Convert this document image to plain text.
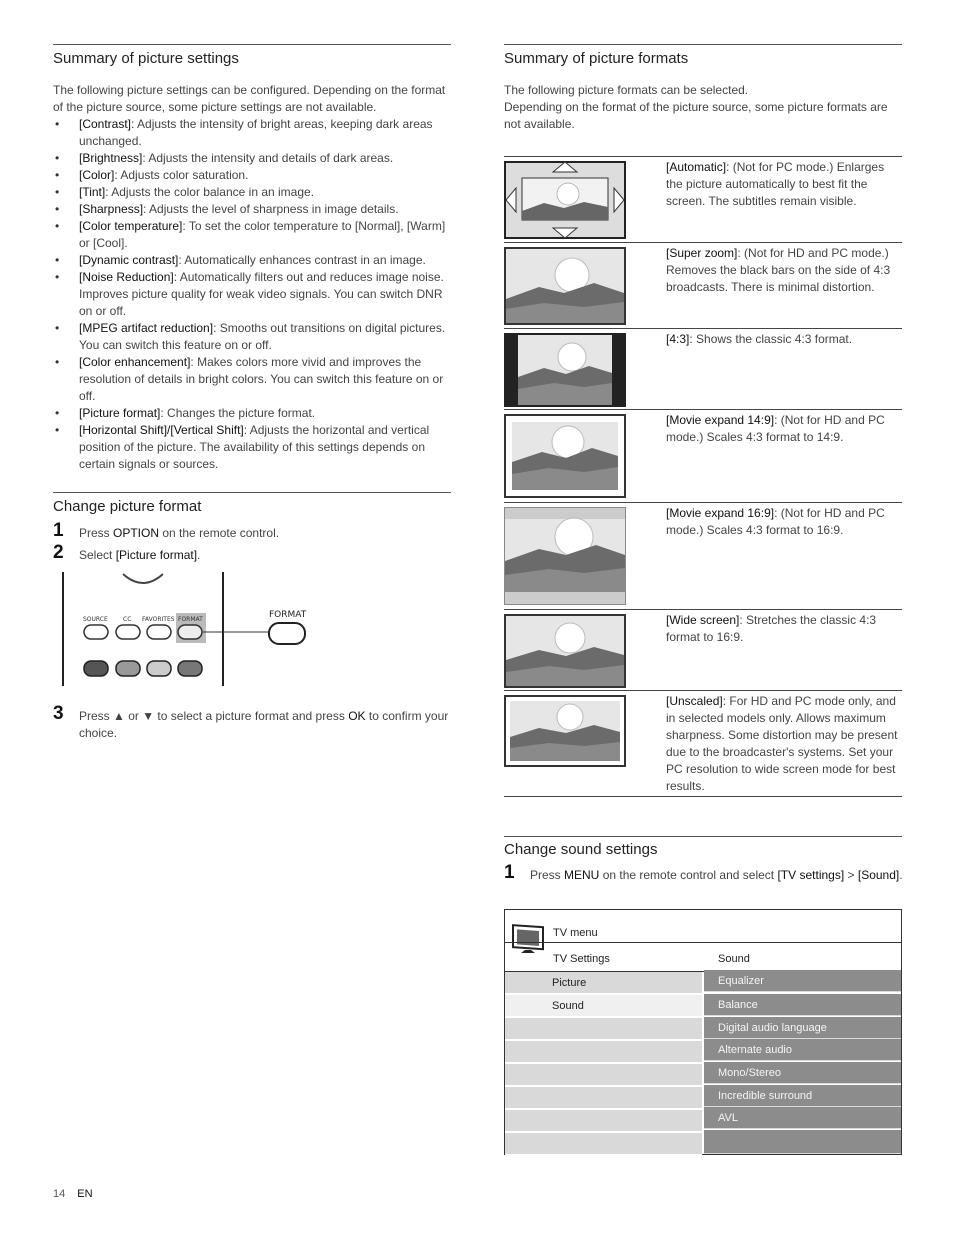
Summary of picture settings

The following picture settings can be configured. Depending on the format of the picture source, some picture settings are not available.

• [Contrast]: Adjusts the intensity of bright areas, keeping dark areas unchanged.
• [Brightness]: Adjusts the intensity and details of dark areas.
• [Color]: Adjusts color saturation.
• [Tint]: Adjusts the color balance in an image.
• [Sharpness]: Adjusts the level of sharpness in image details.
• [Color temperature]: To set the color temperature to [Normal], [Warm] or [Cool].
• [Dynamic contrast]: Automatically enhances contrast in an image.
• [Noise Reduction]: Automatically filters out and reduces image noise. Improves picture quality for weak video signals. You can switch DNR on or off.
• [MPEG artifact reduction]: Smooths out transitions on digital pictures. You can switch this feature on or off.
• [Color enhancement]: Makes colors more vivid and improves the resolution of details in bright colors. You can switch this feature on or off.
• [Picture format]: Changes the picture format.
• [Horizontal Shift]/[Vertical Shift]: Adjusts the horizontal and vertical position of the picture. The availability of this settings depends on certain signals or sources.
Change picture format
1 Press OPTION on the remote control.
2 Select [Picture format].
SOURCE	CC FAVORITES FORMAT	FORMAT
3 Press ▲ or ▼ to select a picture format and press OK to confirm your choice.
Summary of picture formats

The following picture formats can be selected.

Depending on the format of the picture source, some picture formats are not available.

[Automatic]: (Not for PC mode.) Enlarges the picture automatically to best fit the screen. The subtitles remain visible.
[Super zoom]: (Not for HD and PC mode.) Removes the black bars on the side of 4:3 broadcasts. There is minimal distortion.
[4:3]: Shows the classic 4:3 format.
[Movie expand 14:9]: (Not for HD and PC mode.) Scales 4:3 format to 14:9.
[Movie expand 16:9]: (Not for HD and PC mode.) Scales 4:3 format to 16:9.
[Wide screen]: Stretches the classic 4:3 format to 16:9.
[Unscaled]: For HD and PC mode only, and in selected models only. Allows maximum sharpness. Some distortion may be present due to the broadcaster's systems. Set your PC resolution to wide screen mode for best results.
Change sound settings
1 Press MENU on the remote control and select [TV settings] > [Sound].
TV menu
TV Settings	Sound
Picture
Sound
Equalizer
Balance
Digital audio language
Alternate audio
Mono/Stereo
Incredible surround
AVL
14 EN
